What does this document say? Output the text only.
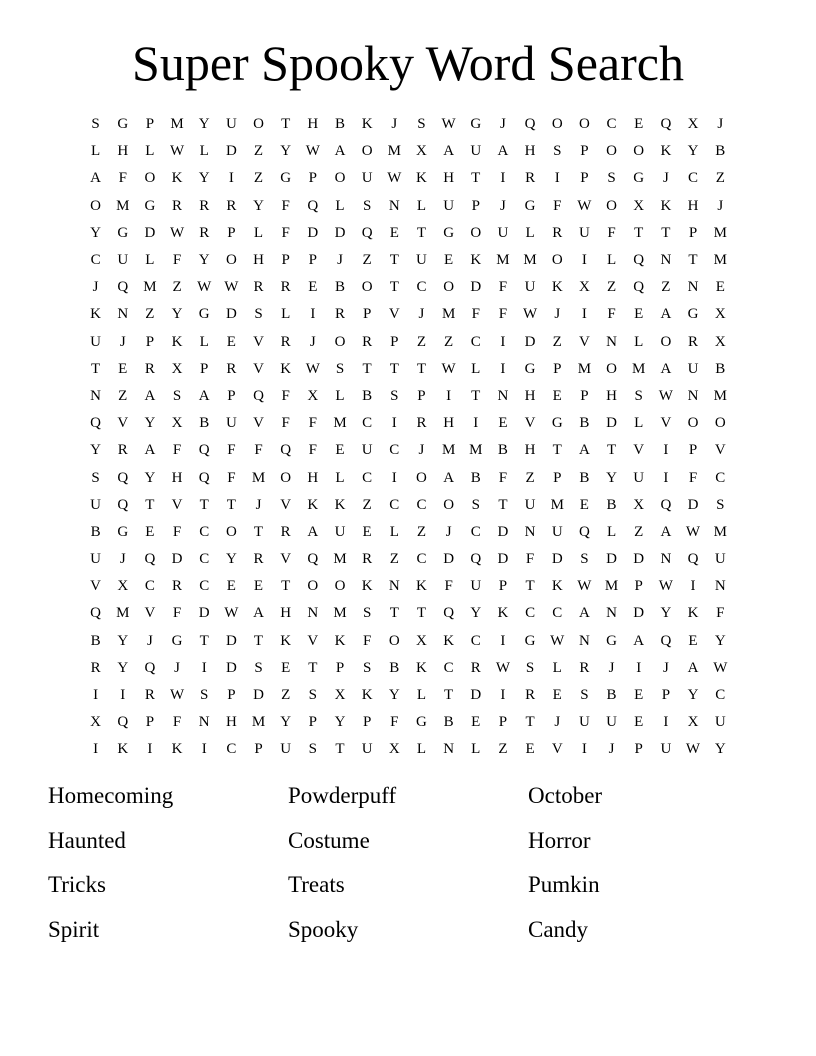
Super Spooky Word Search
S	G	P	M	Y	U	O	T	H	B	K	J	S	W	G	J	Q	O	O	C	E	Q	X	J
L	H	L	W	L	D	Z	Y	W	A	O	M	X	A	U	A	H	S	P	O	O	K	Y	B
A	F	O	K	Y	I	Z	G	P	O	U	W	K	H	T	I	R	I	P	S	G	J	C	Z
O	M	G	R	R	R	Y	F	Q	L	S	N	L	U	P	J	G	F	W	O	X	K	H	J
Y	G	D	W	R	P	L	F	D	D	Q	E	T	G	O	U	L	R	U	F	T	T	P	M
C	U	L	F	Y	O	H	P	P	J	Z	T	U	E	K	M	M	O	I	L	Q	N	T	M
J	Q	M	Z	W	W	R	R	E	B	O	T	C	O	D	F	U	K	X	Z	Q	Z	N	E
K	N	Z	Y	G	D	S	L	I	R	P	V	J	M	F	F	W	J	I	F	E	A	G	X
U	J	P	K	L	E	V	R	J	O	R	P	Z	Z	C	I	D	Z	V	N	L	O	R	X
T	E	R	X	P	R	V	K	W	S	T	T	T	W	L	I	G	P	M	O	M	A	U	B
N	Z	A	S	A	P	Q	F	X	L	B	S	P	I	T	N	H	E	P	H	S	W	N	M
Q	V	Y	X	B	U	V	F	F	M	C	I	R	H	I	E	V	G	B	D	L	V	O	O
Y	R	A	F	Q	F	F	Q	F	E	U	C	J	M	M	B	H	T	A	T	V	I	P	V
S	Q	Y	H	Q	F	M	O	H	L	C	I	O	A	B	F	Z	P	B	Y	U	I	F	C
U	Q	T	V	T	T	J	V	K	K	Z	C	C	O	S	T	U	M	E	B	X	Q	D	S
B	G	E	F	C	O	T	R	A	U	E	L	Z	J	C	D	N	U	Q	L	Z	A	W	M
U	J	Q	D	C	Y	R	V	Q	M	R	Z	C	D	Q	D	F	D	S	D	D	N	Q	U
V	X	C	R	C	E	E	T	O	O	K	N	K	F	U	P	T	K	W	M	P	W	I	N
Q	M	V	F	D	W	A	H	N	M	S	T	T	Q	Y	K	C	C	A	N	D	Y	K	F
B	Y	J	G	T	D	T	K	V	K	F	O	X	K	C	I	G	W	N	G	A	Q	E	Y
R	Y	Q	J	I	D	S	E	T	P	S	B	K	C	R	W	S	L	R	J	I	J	A	W
I	I	R	W	S	P	D	Z	S	X	K	Y	L	T	D	I	R	E	S	B	E	P	Y	C
X	Q	P	F	N	H	M	Y	P	Y	P	F	G	B	E	P	T	J	U	U	E	I	X	U
I	K	I	K	I	C	P	U	S	T	U	X	L	N	L	Z	E	V	I	J	P	U	W	Y
Homecoming	Powderpuff	October
Haunted	Costume	Horror
Tricks	Treats	Pumkin
Spirit	Spooky	Candy
